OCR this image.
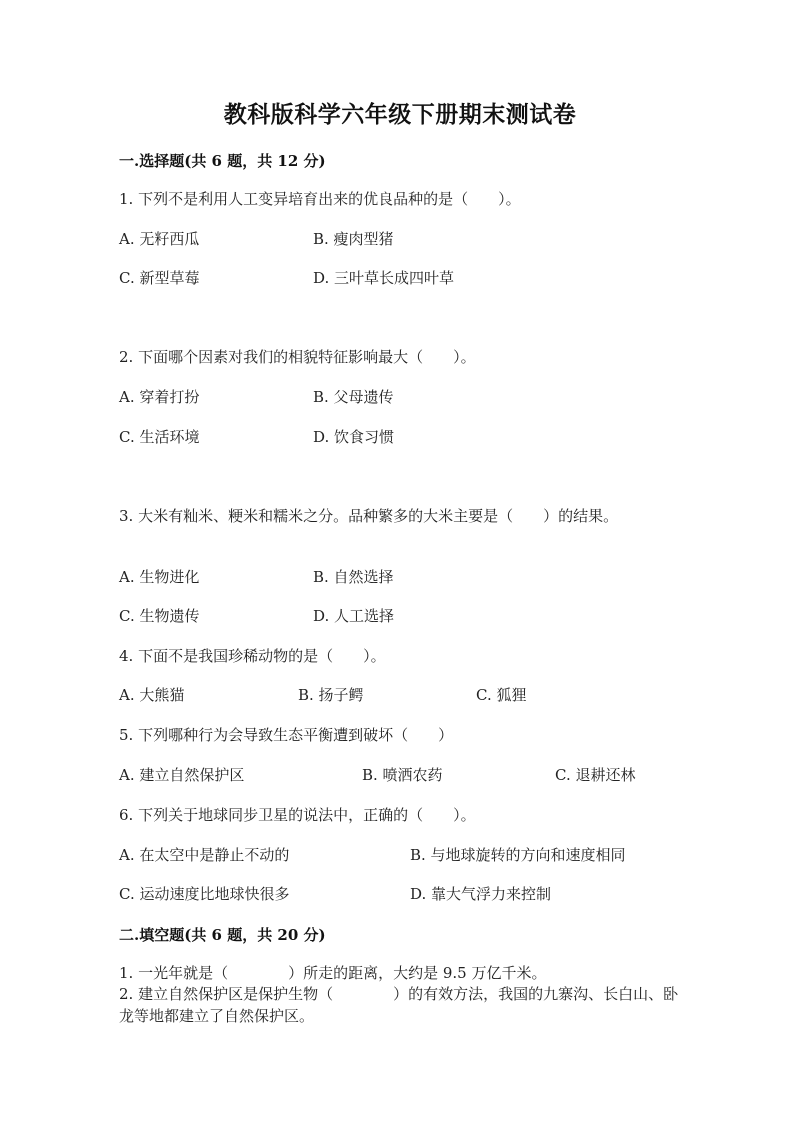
教科版科学六年级下册期末测试卷
一.选择题(共 6 题，共 12 分)
1. 下列不是利用人工变异培育出来的优良品种的是（　　）。
A. 无籽西瓜	B. 瘦肉型猪
C. 新型草莓	D. 三叶草长成四叶草
2. 下面哪个因素对我们的相貌特征影响最大（　　）。
A. 穿着打扮	B. 父母遗传
C. 生活环境	D. 饮食习惯
3. 大米有籼米、粳米和糯米之分。品种繁多的大米主要是（　　）的结果。
A. 生物进化	B. 自然选择
C. 生物遗传	D. 人工选择
4. 下面不是我国珍稀动物的是（　　）。
A. 大熊猫	B. 扬子鳄	C. 狐狸
5. 下列哪种行为会导致生态平衡遭到破坏（　　）
A. 建立自然保护区	B. 喷洒农药	C. 退耕还林
6. 下列关于地球同步卫星的说法中，正确的（　　）。
A. 在太空中是静止不动的	B. 与地球旋转的方向和速度相同
C. 运动速度比地球快很多	D. 靠大气浮力来控制
二.填空题(共 6 题，共 20 分)
1. 一光年就是（　　　　）所走的距离，大约是 9.5 万亿千米。
2. 建立自然保护区是保护生物（　　　　）的有效方法，我国的九寨沟、长白山、卧龙等地都建立了自然保护区。
